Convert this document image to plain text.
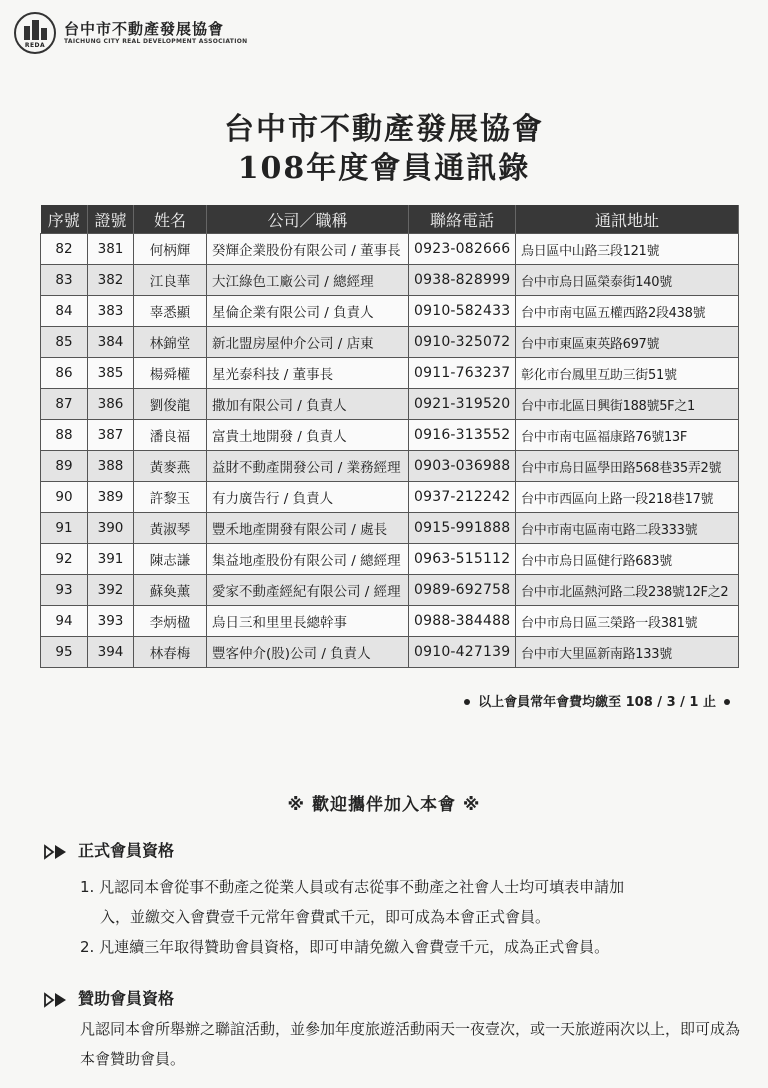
REDA
台中市不動產發展協會
TAICHUNG CITY REAL DEVELOPMENT ASSOCIATION
台中市不動產發展協會
108年度會員通訊錄
序號	證號	姓名	公司／職稱	聯絡電話	通訊地址
82	381	何柄輝	癸輝企業股份有限公司 / 董事長	0923-082666	烏日區中山路三段121號
83	382	江良華	大江綠色工廠公司 / 總經理	0938-828999	台中市烏日區榮泰街140號
84	383	辜悉顯	星倫企業有限公司 / 負責人	0910-582433	台中市南屯區五權西路2段438號
85	384	林錦堂	新北盟房屋仲介公司 / 店東	0910-325072	台中市東區東英路697號
86	385	楊舜權	星光泰科技 / 董事長	0911-763237	彰化市台鳳里互助三街51號
87	386	劉俊龍	撒加有限公司 / 負責人	0921-319520	台中市北區日興街188號5F之1
88	387	潘良福	富貴土地開發 / 負責人	0916-313552	台中市南屯區福康路76號13F
89	388	黃麥燕	益財不動產開發公司 / 業務經理	0903-036988	台中市烏日區學田路568巷35弄2號
90	389	許黎玉	有力廣告行 / 負責人	0937-212242	台中市西區向上路一段218巷17號
91	390	黃淑琴	豐禾地產開發有限公司 / 處長	0915-991888	台中市南屯區南屯路二段333號
92	391	陳志謙	集益地產股份有限公司 / 總經理	0963-515112	台中市烏日區健行路683號
93	392	蘇奐薰	愛家不動產經紀有限公司 / 經理	0989-692758	台中市北區熱河路二段238號12F之2
94	393	李炳楹	烏日三和里里長總幹事	0988-384488	台中市烏日區三榮路一段381號
95	394	林春梅	豐客仲介(股)公司 / 負責人	0910-427139	台中市大里區新南路133號
以上會員常年會費均繳至 108 / 3 / 1 止
※ 歡迎攜伴加入本會 ※
正式會員資格
1. 凡認同本會從事不動產之從業人員或有志從事不動產之社會人士均可填表申請加
入，並繳交入會費壹千元常年會費貳千元，即可成為本會正式會員。
2. 凡連續三年取得贊助會員資格，即可申請免繳入會費壹千元，成為正式會員。
贊助會員資格
凡認同本會所舉辦之聯誼活動，並參加年度旅遊活動兩天一夜壹次，或一天旅遊兩次以上，即可成為本會贊助會員。
